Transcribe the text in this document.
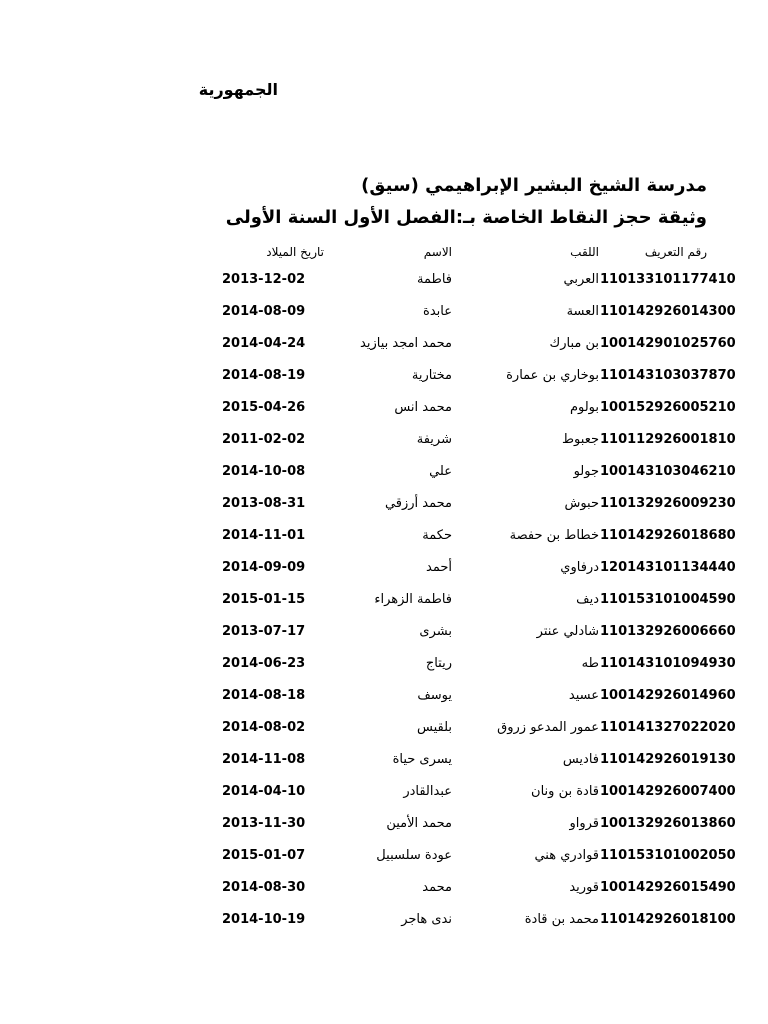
الجمهورية
مدرسة الشيخ البشير الإبراهيمي (سيق)
وثيقة حجز النقاط الخاصة بـ:الفصل الأول السنة الأولى
تاريخ الميلاد	الاسم	اللقب	رقم التعريف
2013-12-02	فاطمة	العربي 110133101177410
2014-08-09	عابدة	العسة 110142926014300
2014-04-24	محمد امجد بيازيد	بن مبارك 100142901025760
2014-08-19	مختارية	بوخاري بن عمارة 110143103037870
2015-04-26	محمد انس	بولوم 100152926005210
2011-02-02	شريفة	جعبوط 110112926001810
2014-10-08	علي	جولو 100143103046210
2013-08-31	محمد أرزقي	حبوش 110132926009230
2014-11-01	حكمة	خطاط بن حفصة 110142926018680
2014-09-09	أحمد	درفاوي 120143101134440
2015-01-15	فاطمة الزهراء	ديف 110153101004590
2013-07-17	بشرى	شادلي عنتر 110132926006660
2014-06-23	ريتاج	طه 110143101094930
2014-08-18	يوسف	عسيد 100142926014960
2014-08-02	بلقيس	عمور المدعو زروق 110141327022020
2014-11-08	يسرى حياة	فاديس 110142926019130
2014-04-10	عبدالقادر	قادة بن ونان 100142926007400
2013-11-30	محمد الأمين	قرواو 100132926013860
2015-01-07	عودة سلسبيل	قوادري هني 110153101002050
2014-08-30	محمد	قوريد 100142926015490
2014-10-19	ندى هاجر	محمد بن قادة 110142926018100
